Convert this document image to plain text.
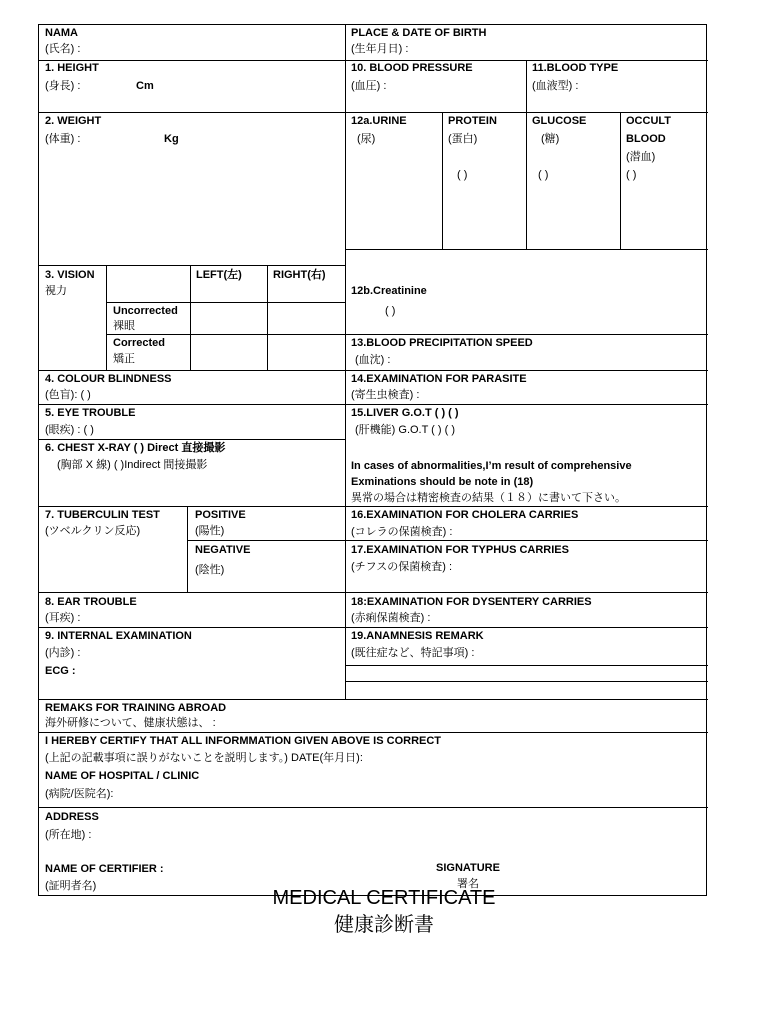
NAMA
(氏名) :
1. HEIGHT
(身長) :	Cm
2. WEIGHT
(体重) :	Kg
3. VISION
視力
LEFT(左)	RIGHT(右)
Uncorrected
裸眼
Corrected
矯正
4. COLOUR BLINDNESS
(色盲): ( )
5. EYE TROUBLE
(眼疾) : ( )
6. CHEST X-RAY ( ) Direct 直接撮影
(胸部 X 線) ( )Indirect 間接撮影
7. TUBERCULIN TEST
(ツベルクリン反応)
POSITIVE
(陽性)
NEGATIVE
(陰性)
8. EAR TROUBLE
(耳疾) :
9. INTERNAL EXAMINATION
(内診) :
ECG :
PLACE & DATE OF BIRTH
(生年月日) :
10. BLOOD PRESSURE
(血圧) :
11.BLOOD TYPE
(血液型) :
12a.URINE
(尿)
PROTEIN
(蛋白)
( )
GLUCOSE
(糖)
( )
OCCULT
BLOOD
(潜血)
( )
12b.Creatinine
( )
13.BLOOD PRECIPITATION SPEED
(血沈) :
14.EXAMINATION FOR PARASITE
(寄生虫検査) :
15.LIVER G.O.T ( ) ( )
(肝機能) G.O.T ( ) ( )
In cases of abnormalities,I’m result of comprehensive
Exminations should be note in (18)
異常の場合は精密検査の結果（１８）に書いて下さい。
16.EXAMINATION FOR CHOLERA CARRIES
(コレラの保菌検査) :
17.EXAMINATION FOR TYPHUS CARRIES
(チフスの保菌検査) :
18:EXAMINATION FOR DYSENTERY CARRIES
(赤痢保菌検査) :
19.ANAMNESIS REMARK
(既往症など、特記事項) :
REMAKS FOR TRAINING ABROAD
海外研修について、健康状態は、 :
I HEREBY CERTIFY THAT ALL INFORMMATION GIVEN ABOVE IS CORRECT
(上記の記載事項に誤りがないことを説明します。) DATE(年月日):
NAME OF HOSPITAL / CLINIC
(病院/医院名):
ADDRESS
(所在地) :
NAME OF CERTIFIER :
(証明者名)
SIGNATURE
署名
MEDICAL CERTIFICATE
健康診断書
